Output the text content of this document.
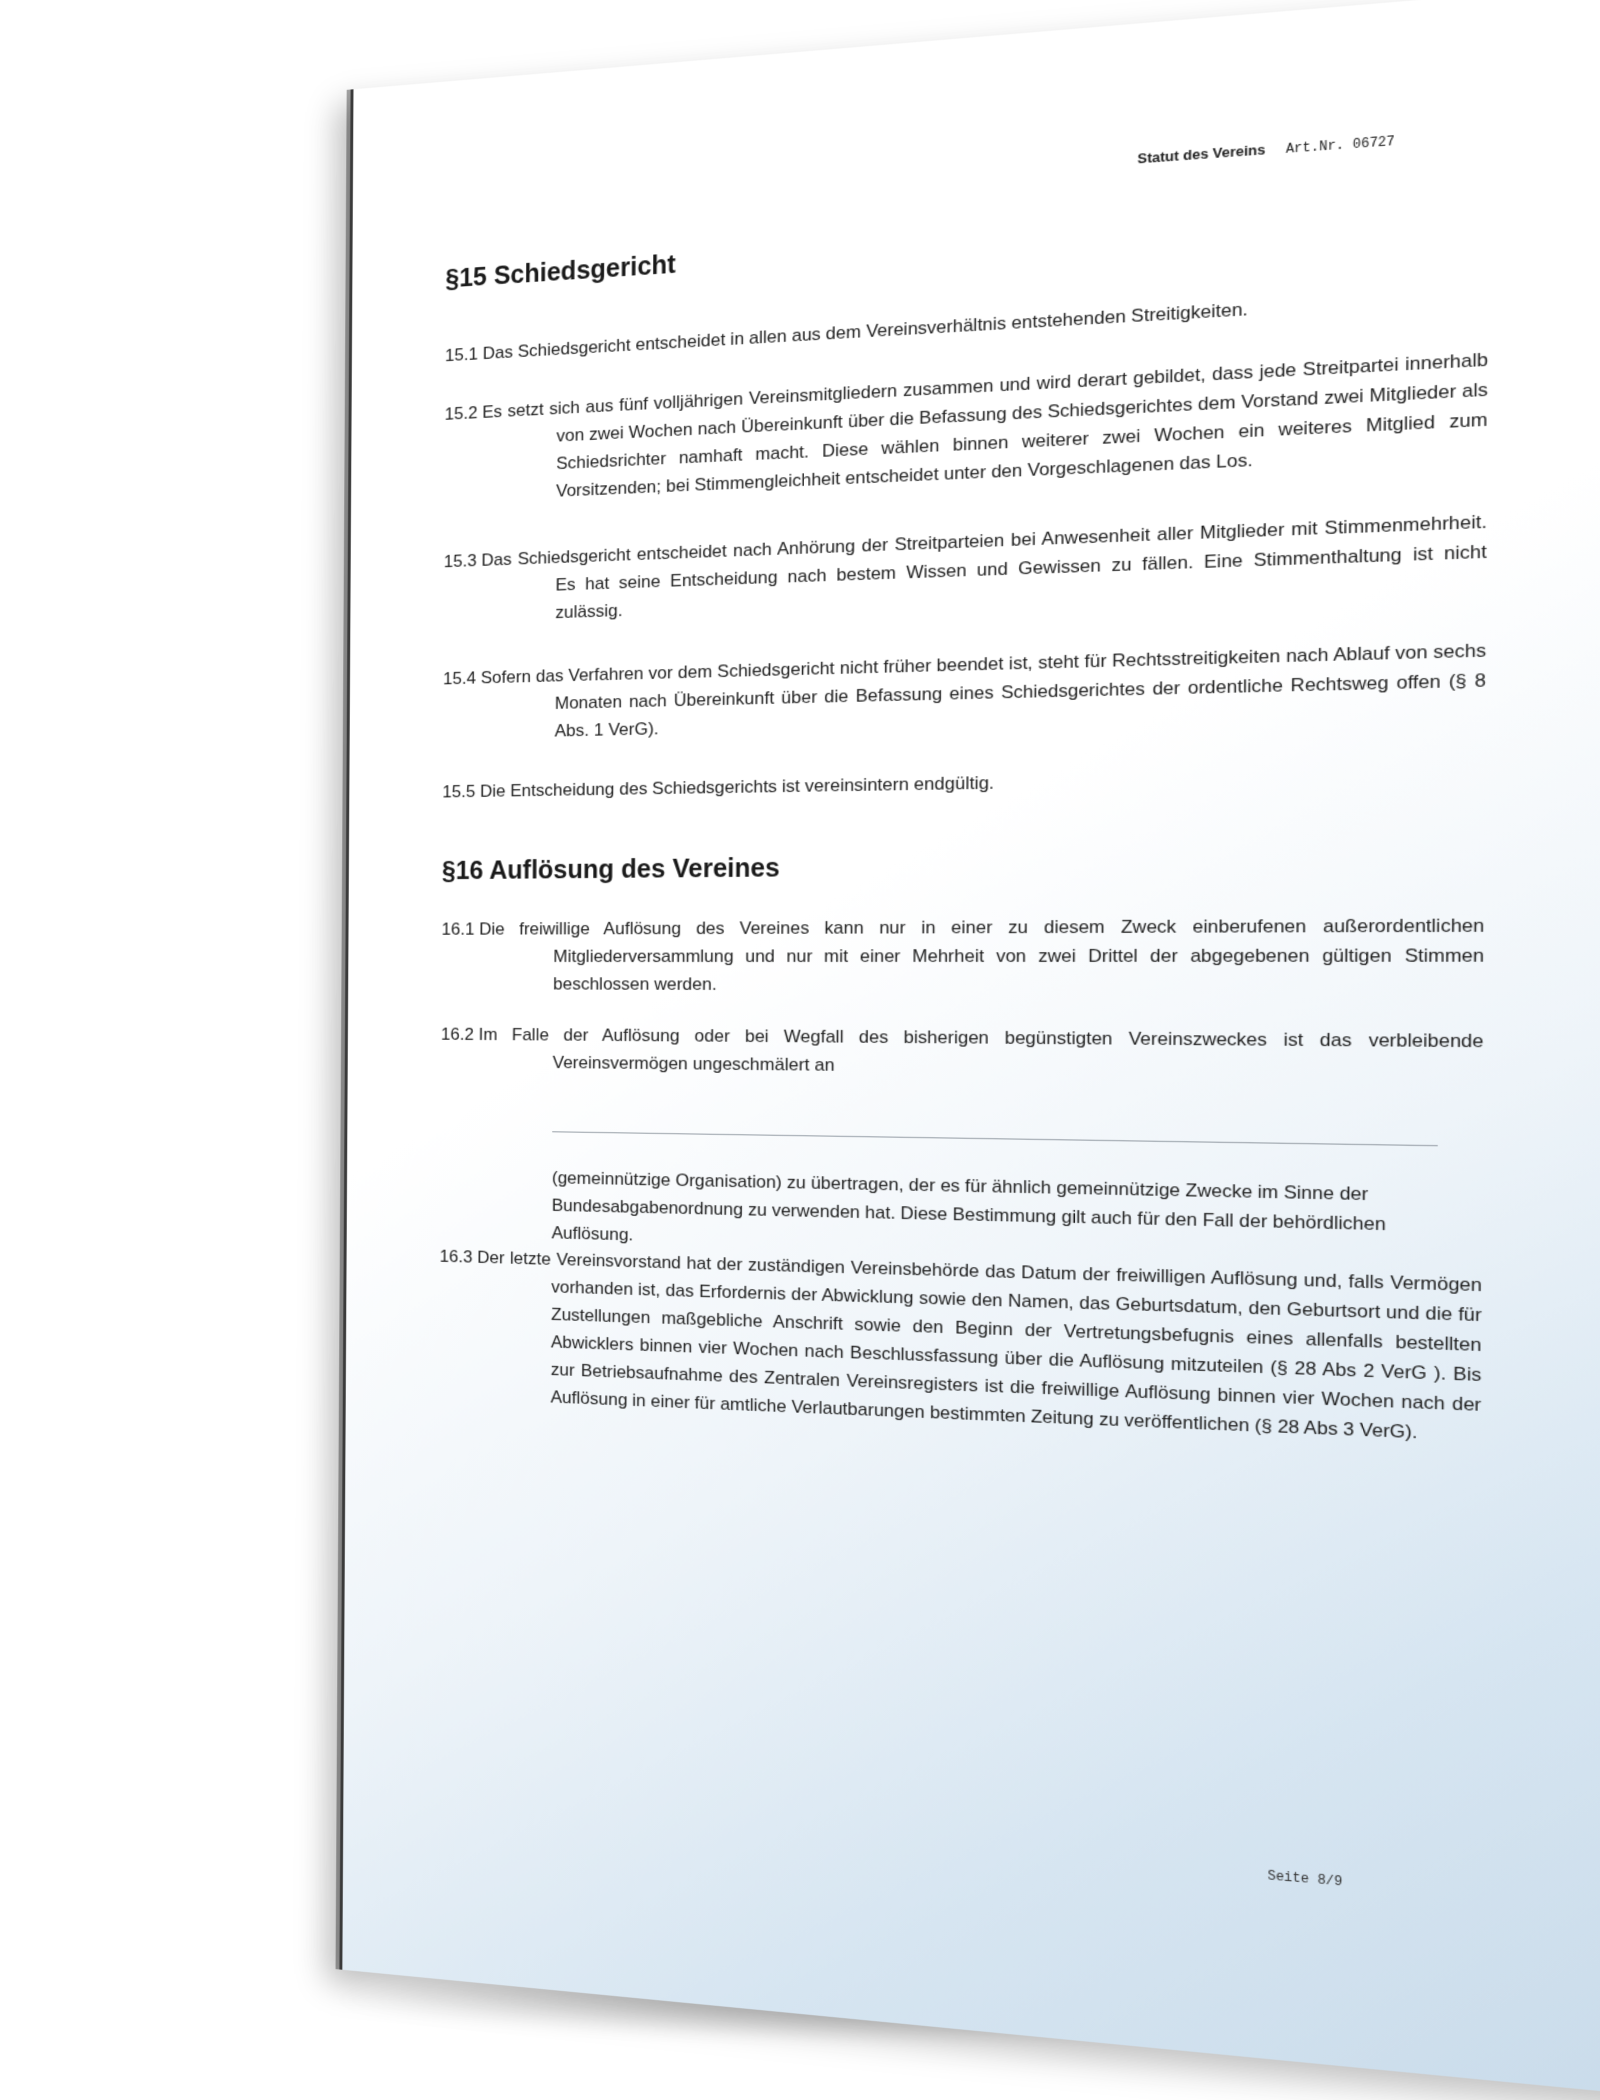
FORM
blitz
Statut des Vereins Art.Nr. 06727
§15 Schiedsgericht
15.1 Das Schiedsgericht entscheidet in allen aus dem Vereinsverhältnis entstehenden Streitigkeiten.
15.2 Es setzt sich aus fünf volljährigen Vereinsmitgliedern zusammen und wird derart gebildet, dass jede Streitpartei innerhalb von zwei Wochen nach Übereinkunft über die Befassung des Schiedsgerichtes dem Vorstand zwei Mitglieder als Schiedsrichter namhaft macht. Diese wählen binnen weiterer zwei Wochen ein weiteres Mitglied zum Vorsitzenden; bei Stimmengleichheit entscheidet unter den Vorgeschlagenen das Los.
15.3 Das Schiedsgericht entscheidet nach Anhörung der Streitparteien bei Anwesenheit aller Mitglieder mit Stimmenmehrheit. Es hat seine Entscheidung nach bestem Wissen und Gewissen zu fällen. Eine Stimmenthaltung ist nicht zulässig.
15.4 Sofern das Verfahren vor dem Schiedsgericht nicht früher beendet ist, steht für Rechtsstreitigkeiten nach Ablauf von sechs Monaten nach Übereinkunft über die Befassung eines Schiedsgerichtes der ordentliche Rechtsweg offen (§ 8 Abs. 1 VerG).
15.5 Die Entscheidung des Schiedsgerichts ist vereinsintern endgültig.
§16 Auflösung des Vereines
16.1 Die freiwillige Auflösung des Vereines kann nur in einer zu diesem Zweck einberufenen außerordentlichen Mitgliederversammlung und nur mit einer Mehrheit von zwei Drittel der abgegebenen gültigen Stimmen beschlossen werden.
16.2 Im Falle der Auflösung oder bei Wegfall des bisherigen begünstigten Vereinszweckes ist das verbleibende Vereinsvermögen ungeschmälert an
(gemeinnützige Organisation) zu übertragen, der es für ähnlich gemeinnützige Zwecke im Sinne der Bundesabgabenordnung zu verwenden hat. Diese Bestimmung gilt auch für den Fall der behördlichen Auflösung.
16.3 Der letzte Vereinsvorstand hat der zuständigen Vereinsbehörde das Datum der freiwilligen Auflösung und, falls Vermögen vorhanden ist, das Erfordernis der Abwicklung sowie den Namen, das Geburtsdatum, den Geburtsort und die für Zustellungen maßgebliche Anschrift sowie den Beginn der Vertretungsbefugnis eines allenfalls bestellten Abwicklers binnen vier Wochen nach Beschlussfassung über die Auflösung mitzuteilen (§ 28 Abs 2 VerG ). Bis zur Betriebsaufnahme des Zentralen Vereinsregisters ist die freiwillige Auflösung binnen vier Wochen nach der Auflösung in einer für amtliche Verlautbarungen bestimmten Zeitung zu veröffentlichen (§ 28 Abs 3 VerG).
Seite 8/9
